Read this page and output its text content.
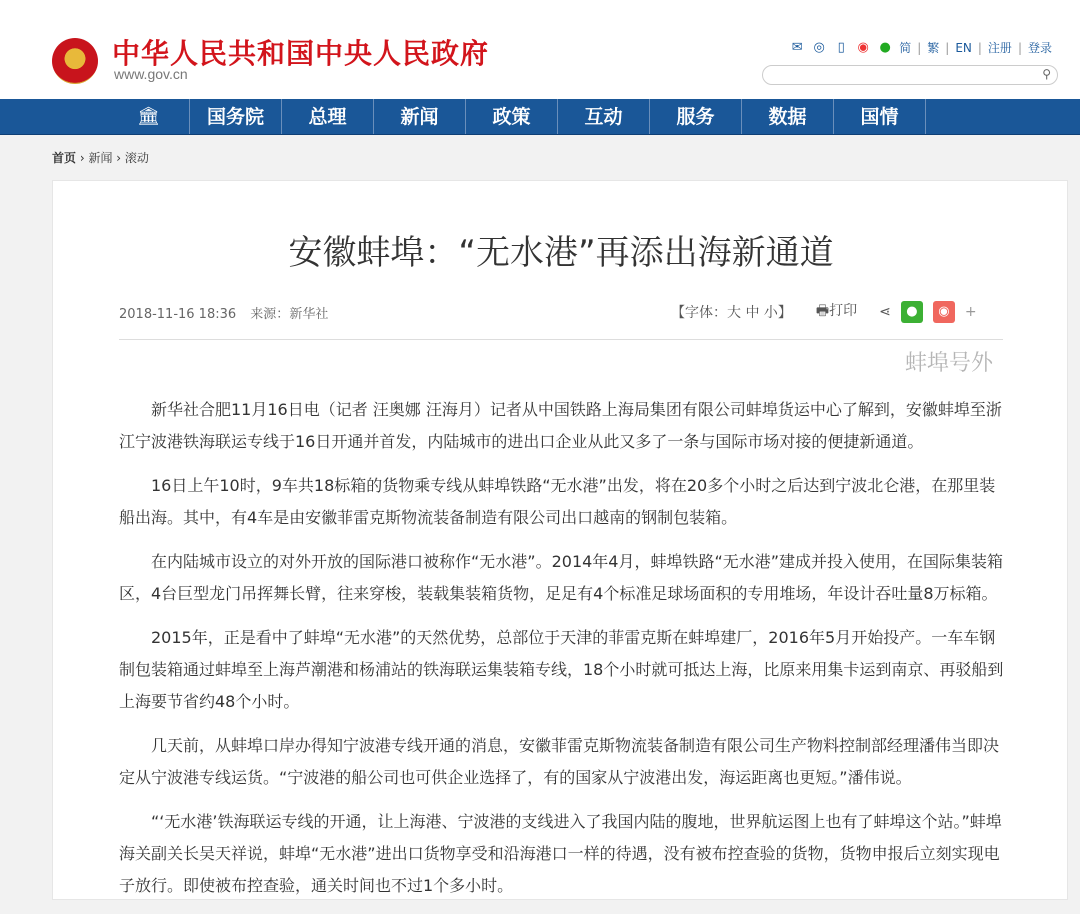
中华人民共和国中央人民政府
www.gov.cn
✉ ◎ ▯ ◉ ● 简 | 繁 | EN | 注册 | 登录
⚲
🏛	国务院	总理	新闻	政策	互动	服务	数据	国情
首页 › 新闻 › 滚动
安徽蚌埠：“无水港”再添出海新通道
2018-11-16 18:36 来源：新华社	【字体：大 中 小】 🖶打印 ⋖	●	◉	+
蚌埠号外

新华社合肥11月16日电（记者 汪奥娜 汪海月）记者从中国铁路上海局集团有限公司蚌埠货运中心了解到，安徽蚌埠至浙江宁波港铁海联运专线于16日开通并首发，内陆城市的进出口企业从此又多了一条与国际市场对接的便捷新通道。

16日上午10时，9车共18标箱的货物乘专线从蚌埠铁路“无水港”出发，将在20多个小时之后达到宁波北仑港，在那里装船出海。其中，有4车是由安徽菲雷克斯物流装备制造有限公司出口越南的钢制包装箱。

在内陆城市设立的对外开放的国际港口被称作“无水港”。2014年4月，蚌埠铁路“无水港”建成并投入使用，在国际集装箱区，4台巨型龙门吊挥舞长臂，往来穿梭，装载集装箱货物，足足有4个标准足球场面积的专用堆场，年设计吞吐量8万标箱。

2015年，正是看中了蚌埠“无水港”的天然优势，总部位于天津的菲雷克斯在蚌埠建厂，2016年5月开始投产。一车车钢制包装箱通过蚌埠至上海芦潮港和杨浦站的铁海联运集装箱专线，18个小时就可抵达上海，比原来用集卡运到南京、再驳船到上海要节省约48个小时。

几天前，从蚌埠口岸办得知宁波港专线开通的消息，安徽菲雷克斯物流装备制造有限公司生产物料控制部经理潘伟当即决定从宁波港专线运货。“宁波港的船公司也可供企业选择了，有的国家从宁波港出发，海运距离也更短。”潘伟说。

“‘无水港’铁海联运专线的开通，让上海港、宁波港的支线进入了我国内陆的腹地，世界航运图上也有了蚌埠这个站。”蚌埠海关副关长吴天祥说，蚌埠“无水港”进出口货物享受和沿海港口一样的待遇，没有被布控查验的货物，货物申报后立刻实现电子放行。即使被布控查验，通关时间也不过1个多小时。
